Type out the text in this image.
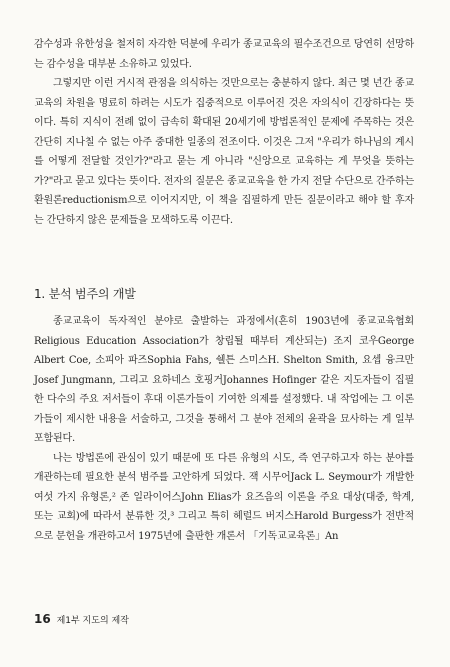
감수성과 유한성을 철저히 자각한 덕분에 우리가 종교교육의 필수조건으로 당연히 선망하는 감수성을 대부분 소유하고 있었다.

그렇지만 이런 거시적 관점을 의식하는 것만으로는 충분하지 않다. 최근 몇 년간 종교교육의 차원을 명료히 하려는 시도가 집중적으로 이루어진 것은 자의식이 긴장하다는 뜻이다. 특히 지식이 전례 없이 급속히 확대된 20세기에 방법론적인 문제에 주목하는 것은 간단히 지나칠 수 없는 아주 중대한 일종의 전조이다. 이것은 그저 "우리가 하나님의 계시를 어떻게 전달할 것인가?"라고 묻는 게 아니라 "신앙으로 교육하는 게 무엇을 뜻하는가?"라고 묻고 있다는 뜻이다. 전자의 질문은 종교교육을 한 가지 전달 수단으로 간주하는 환원론reductionism으로 이어지지만, 이 책을 집필하게 만든 질문이라고 해야 할 후자는 간단하지 않은 문제들을 모색하도록 이끈다.

1. 분석 범주의 개발

종교교육이 독자적인 분야로 출발하는 과정에서(흔히 1903년에 종교교육협회Religious Education Association가 창립될 때부터 계산되는) 조지 코우George Albert Coe, 소피아 파즈Sophia Fahs, 쉘튼 스미스H. Shelton Smith, 요셉 융크만Josef Jungmann, 그리고 요하네스 호핑거Johannes Hofinger 같은 지도자들이 집필한 다수의 주요 저서들이 후대 이론가들이 기여한 의제를 설정했다. 내 작업에는 그 이론가들이 제시한 내용을 서술하고, 그것을 통해서 그 분야 전체의 윤곽을 묘사하는 게 일부 포함된다.

나는 방법론에 관심이 있기 때문에 또 다른 유형의 시도, 즉 연구하고자 하는 분야를 개관하는데 필요한 분석 범주를 고안하게 되었다. 잭 시무어Jack L. Seymour가 개발한 여섯 가지 유형론,² 존 일라이어스John Elias가 요즈음의 이론을 주요 대상(대중, 학계, 또는 교회)에 따라서 분류한 것,³ 그리고 특히 헤럴드 버지스Harold Burgess가 전반적으로 문헌을 개관하고서 1975년에 출판한 개론서 「기독교교육론」An

16 제1부 지도의 제작
